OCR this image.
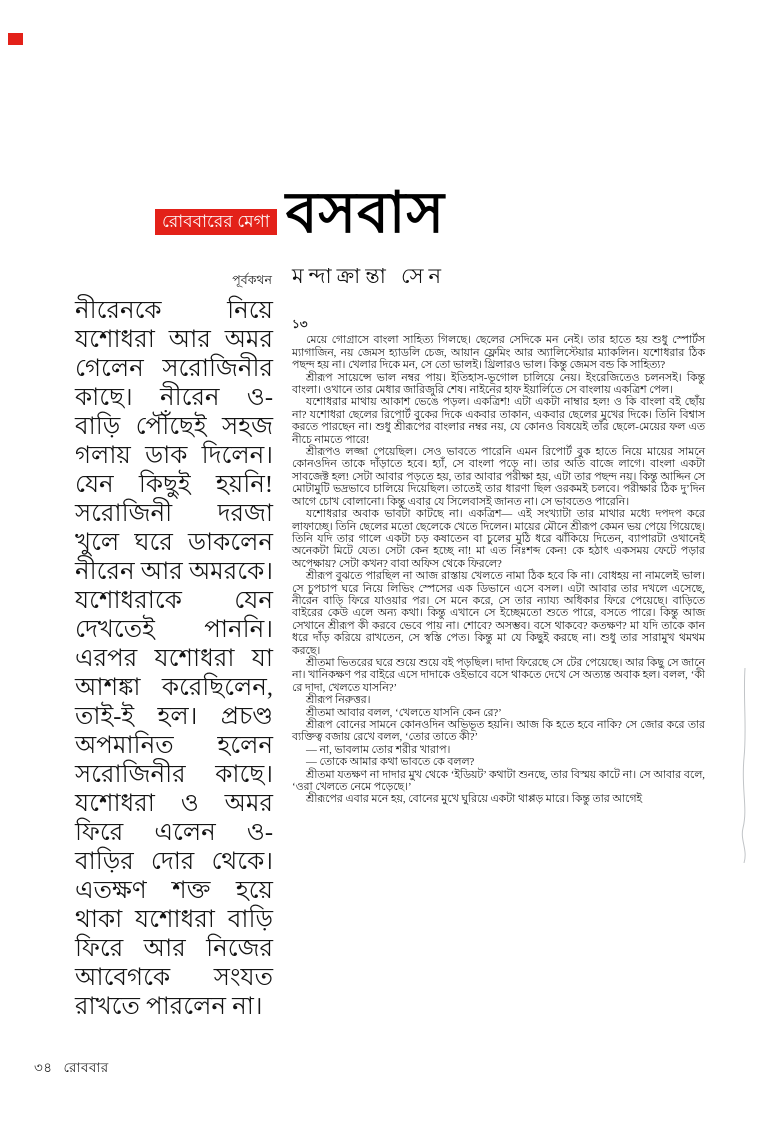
রোববারের মেগা বসবাস
পূর্বকথন মন্দাক্রান্তা সেন
নীরেনকে নিয়ে যশোধরা আর অমর গেলেন সরোজিনীর কাছে। নীরেন ও-বাড়ি পৌঁছেই সহজ গলায় ডাক দিলেন। যেন কিছুই হয়নি! সরোজিনী দরজা খুলে ঘরে ডাকলেন নীরেন আর অমরকে। যশোধরাকে যেন দেখতেই পাননি। এরপর যশোধরা যা আশঙ্কা করেছিলেন, তাই-ই হল। প্রচণ্ড অপমানিত হলেন সরোজিনীর কাছে। যশোধরা ও অমর ফিরে এলেন ও-বাড়ির দোর থেকে। এতক্ষণ শক্ত হয়ে থাকা যশোধরা বাড়ি ফিরে আর নিজের আবেগকে সংযত রাখতে পারলেন না।
১৩

মেয়ে গোগ্রাসে বাংলা সাহিত্য গিলছে। ছেলের সেদিকে মন নেই। তার হাতে হয় শুধু স্পোর্টস ম্যাগাজিন, নয় জেমস হ্যাডলি চেজ, আয়ান ফ্লেমিং আর অ্যালিস্টেয়ার ম্যাকলিন। যশোধরার ঠিক পছন্দ হয় না। খেলার দিকে মন, সে তো ভালই। থ্রিলারও ভাল। কিন্তু জেমস বন্ড কি সাহিত্য?

শ্রীরূপ সায়েন্সে ভাল নম্বর পায়। ইতিহাস-ভূগোল চালিয়ে নেয়। ইংরেজিতেও চলনসই। কিন্তু বাংলা। ওখানে তার মেধার জারিজুরি শেষ। নাইনের হাফ ইয়ার্লিতে সে বাংলায় একত্রিশ পেল।

যশোধরার মাথায় আকাশ ভেঙে পড়ল। একত্রিশ! এটা একটা নাম্বার হল! ও কি বাংলা বই ছোঁয় না? যশোধরা ছেলের রিপোর্ট বুকের দিকে একবার তাকান, একবার ছেলের মুখের দিকে। তিনি বিশ্বাস করতে পারছেন না। শুধু শ্রীরূপের বাংলার নম্বর নয়, যে কোনও বিষয়েই তাঁর ছেলে-মেয়ের ফল এত নীচে নামতে পারে!

শ্রীরূপও লজ্জা পেয়েছিল। সেও ভাবতে পারেনি এমন রিপোর্ট বুক হাতে নিয়ে মায়ের সামনে কোনওদিন তাকে দাঁড়াতে হবে। হ্যাঁ, সে বাংলা পড়ে না। তার অতি বাজে লাগে। বাংলা একটা সাবজেক্ট হল! সেটা আবার পড়তে হয়, তার আবার পরীক্ষা হয়, এটা তার পছন্দ নয়। কিন্তু আদ্দিন সে মোটামুটি ভদ্রভাবে চালিয়ে দিয়েছিল। তাতেই তার ধারণা ছিল ওরকমই চলবে। পরীক্ষার ঠিক দু’দিন আগে চোখ বোলানো। কিন্তু এবার যে সিলেবাসই জানত না। সে ভাবতেও পারেনি।

যশোধরার অবাক ভাবটা কাটছে না। একত্রিশ— এই সংখ্যাটা তার মাথার মধ্যে দপদপ করে লাফাচ্ছে। তিনি ছেলের মতো ছেলেকে খেতে দিলেন। মায়ের মৌনে শ্রীরূপ কেমন ভয় পেয়ে গিয়েছে। তিনি যদি তার গালে একটা চড় কষাতেন বা চুলের মুঠি ধরে ঝাঁকিয়ে দিতেন, ব্যাপারটা ওখানেই অনেকটা মিটে যেত। সেটা কেন হচ্ছে না! মা এত নিঃশব্দ কেন! কে হঠাৎ একসময় ফেটে পড়ার অপেক্ষায়? সেটা কখন? বাবা অফিস থেকে ফিরলে?

শ্রীরূপ বুঝতে পারছিল না আজ রাস্তায় খেলতে নামা ঠিক হবে কি না। বোধহয় না নামলেই ভাল। সে চুপচাপ ঘরে নিয়ে লিভিং স্পেসের এক ডিভানে এসে বসল। এটা আবার তার দখলে এসেছে, নীরেন বাড়ি ফিরে যাওয়ার পর। সে মনে করে, সে তার ন্যায্য অধিকার ফিরে পেয়েছে। বাড়িতে বাইরের কেউ এলে অন্য কথা। কিন্তু এখানে সে ইচ্ছেমতো শুতে পারে, বসতে পারে। কিন্তু আজ সেখানে শ্রীরূপ কী করবে ভেবে পায় না। শোবে? অসম্ভব। বসে থাকবে? কতক্ষণ? মা যদি তাকে কান ধরে দাঁড় করিয়ে রাখতেন, সে স্বস্তি পেত। কিন্তু মা যে কিছুই করছে না। শুধু তার সারামুখ থমথম করছে।

শ্রীতমা ভিতরের ঘরে শুয়ে শুয়ে বই পড়ছিল। দাদা ফিরেছে সে টের পেয়েছে। আর কিছু সে জানে না। খানিকক্ষণ পর বাইরে এসে দাদাকে ওইভাবে বসে থাকতে দেখে সে অত্যন্ত অবাক হল। বলল, ‘কী রে দাদা, খেলতে যাসনি?’

শ্রীরূপ নিরুত্তর।

শ্রীতমা আবার বলল, ‘খেলতে যাসনি কেন রে?’

শ্রীরূপ বোনের সামনে কোনওদিন অভিভূত হয়নি। আজ কি হতে হবে নাকি? সে জোর করে তার ব্যক্তিত্ব বজায় রেখে বলল, ‘তোর তাতে কী?’

— না, ভাবলাম তোর শরীর খারাপ।

— তোকে আমার কথা ভাবতে কে বলল?

শ্রীতমা যতক্ষণ না দাদার মুখ থেকে ‘ইডিয়ট’ কথাটা শুনছে, তার বিস্ময় কাটে না। সে আবার বলে, ‘ওরা খেলতে নেমে পড়েছে।’

শ্রীরূপের এবার মনে হয়, বোনের মুখে ঘুরিয়ে একটা থাপ্পড় মারে। কিন্তু তার আগেই

৩৪ রোববার
